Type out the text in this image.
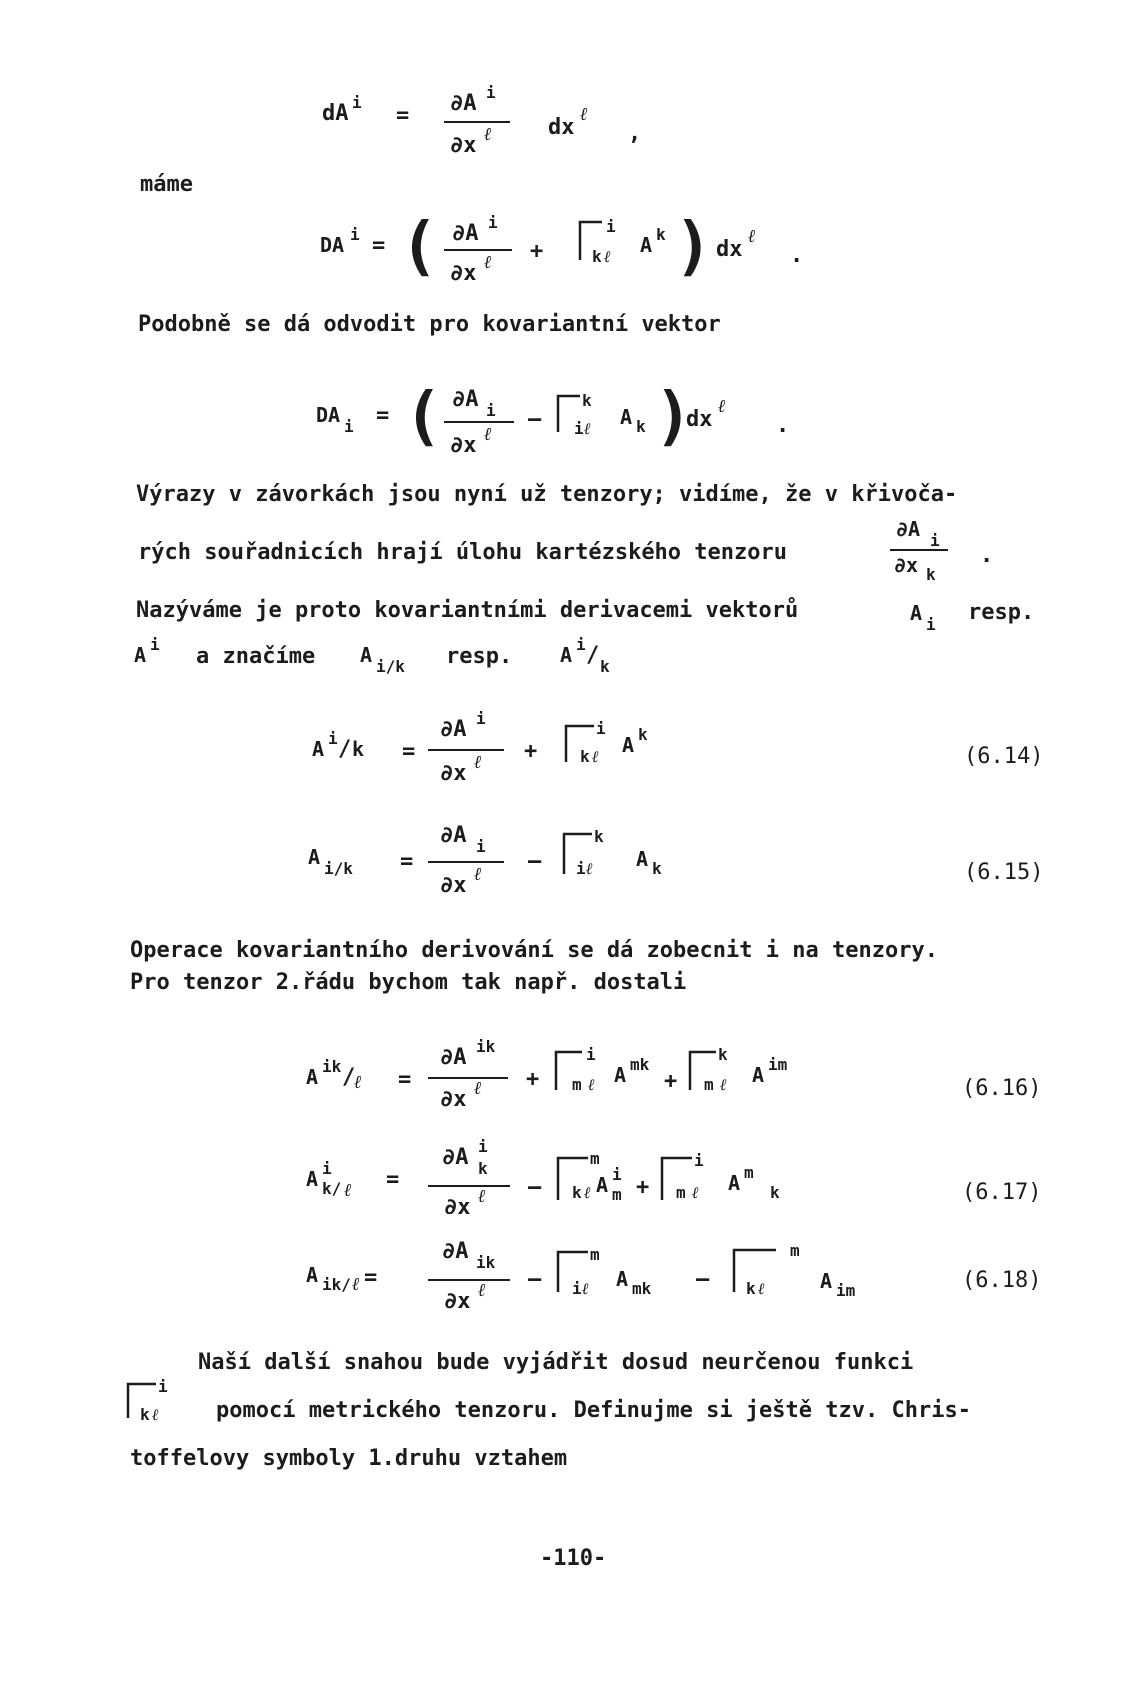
dA i
= ∂A i
∂x ℓ	dx
ℓ
,
máme
DA i = ( ∂A i
∂x ℓ +
i
k ℓ A k ) dx
ℓ
.
Podobně se dá odvodit pro kovariantní vektor
DA i = ( ∂A i
∂x ℓ
–
k
i ℓ A k )
dx
ℓ
.
Výrazy v závorkách jsou nyní už tenzory; vidíme, že v křivoča-
rých souřadnicích hrají úlohu kartézského tenzoru
∂A i
∂x k
.
Nazýváme je proto kovariantními derivacemi vektorů	A i resp.
A i	A i/k	A i / k
a značíme	resp.
A i / k =
∂A i
∂x ℓ +
i
k ℓ A k
(6.14)
A i/k =
∂A i
∂x ℓ
–
k
i ℓ A k	(6.15)
Operace kovariantního derivování se dá zobecnit i na tenzory.
Pro tenzor 2.řádu bychom tak např. dostali
A ik /
ℓ =
∂A ik
∂x ℓ +
i
m ℓ A mk
+
k
m ℓ A im
(6.16)
A i
k/ ℓ =
∂A i
k
∂x ℓ –
m
k ℓ A i
m +
i
m ℓ A m
k	(6.17)
A ik/ ℓ =
∂A ik
∂x ℓ –
m
i ℓ A mk –
m
k ℓ	A im	(6.18)
Naší další snahou bude vyjádřit dosud neurčenou funkci
i
k ℓ	pomocí metrického tenzoru. Definujme si ještě tzv. Chris-
toffelovy symboly 1.druhu vztahem
-110-
